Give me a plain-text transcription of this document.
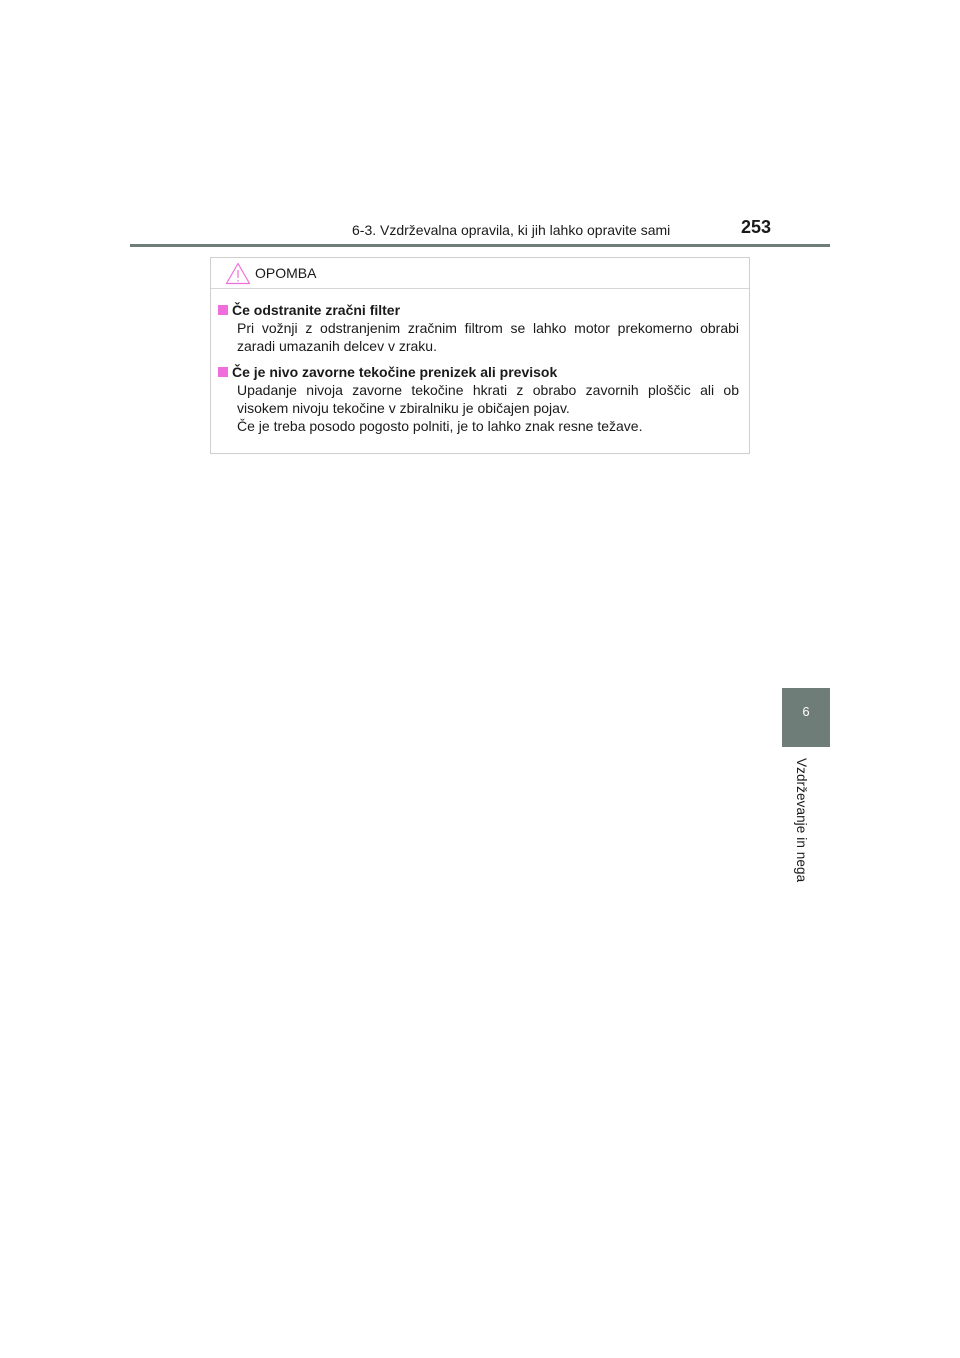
6-3. Vzdrževalna opravila, ki jih lahko opravite sami	253
6
Vzdrževanje in nega
OPOMBA
Če odstranite zračni filter

Pri vožnji z odstranjenim zračnim filtrom se lahko motor prekomerno obrabi

zaradi umazanih delcev v zraku.

Če je nivo zavorne tekočine prenizek ali previsok

Upadanje nivoja zavorne tekočine hkrati z obrabo zavornih ploščic ali ob

visokem nivoju tekočine v zbiralniku je običajen pojav.

Če je treba posodo pogosto polniti, je to lahko znak resne težave.
